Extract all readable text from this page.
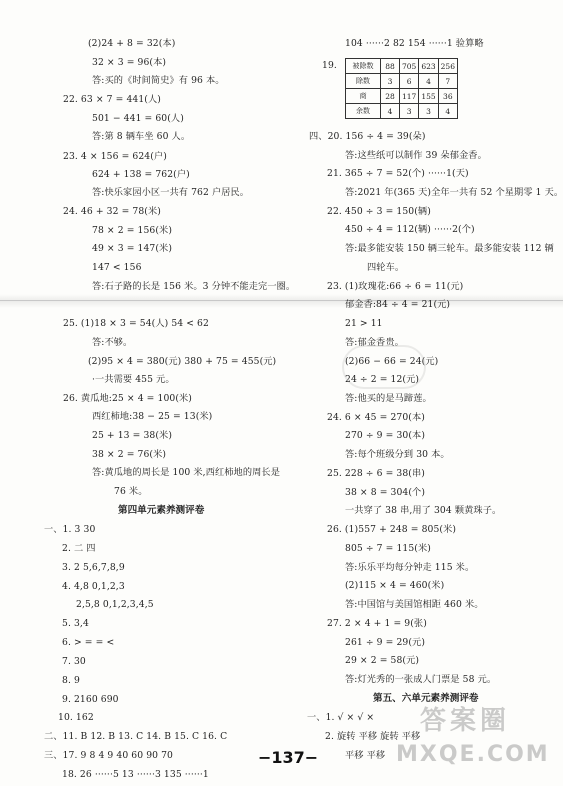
(2)24 + 8 = 32(本)
32 × 3 = 96(本)
答:买的《时间简史》有 96 本。
22. 63 × 7 = 441(人)
501 − 441 = 60(人)
答:第 8 辆车坐 60 人。
23. 4 × 156 = 624(户)
624 + 138 = 762(户)
答:快乐家园小区一共有 762 户居民。
24. 46 + 32 = 78(米)
78 × 2 = 156(米)
49 × 3 = 147(米)
147 < 156
答:石子路的长是 156 米。3 分钟不能走完一圈。
25. (1)18 × 3 = 54(人) 54 < 62
答:不够。
(2)95 × 4 = 380(元) 380 + 75 = 455(元)
·一共需要 455 元。
26. 黄瓜地:25 × 4 = 100(米)
西红柿地:38 − 25 = 13(米)
25 + 13 = 38(米)
38 × 2 = 76(米)
答:黄瓜地的周长是 100 米,西红柿地的周长是
76 米。
第四单元素养测评卷
一、1. 3 30
2. 二 四
3. 2 5,6,7,8,9
4. 4,8 0,1,2,3
2,5,8 0,1,2,3,4,5
5. 3,4
6. > = = <
7. 30
8. 9
9. 2160 690
10. 162
二、11. B 12. B 13. C 14. B 15. C 16. C
三、17. 9 8 4 9 40 60 90 70
18. 26 ······5 13 ······3 135 ······1
104 ······2 82 154 ······1 验算略
19. 被除数	88	705	623	256
除数	3	6	4	7
商	28	117	155	36
余数	4	3	3	4
四、20. 156 ÷ 4 = 39(朵)
答:这些纸可以制作 39 朵郁金香。
21. 365 ÷ 7 = 52(个) ······1(天)
答:2021 年(365 天)全年一共有 52 个星期零 1 天。
22. 450 ÷ 3 = 150(辆)
450 ÷ 4 = 112(辆) ······2(个)
答:最多能安装 150 辆三轮车。最多能安装 112 辆
四轮车。
23. (1)玫瑰花:66 ÷ 6 = 11(元)
郁金香:84 ÷ 4 = 21(元)
21 > 11
答:郁金香贵。
(2)66 − 66 = 24(元)
24 ÷ 2 = 12(元)
答:他买的是马蹄莲。
24. 6 × 45 = 270(本)
270 ÷ 9 = 30(本)
答:每个班级分到 30 本。
25. 228 ÷ 6 = 38(串)
38 × 8 = 304(个)
一共穿了 38 串,用了 304 颗黄珠子。
26. (1)557 + 248 = 805(米)
805 ÷ 7 = 115(米)
答:乐乐平均每分钟走 115 米。
(2)115 × 4 = 460(米)
答:中国馆与美国馆相距 460 米。
27. 2 × 4 + 1 = 9(张)
261 ÷ 9 = 29(元)
29 × 2 = 58(元)
答:灯光秀的一张成人门票是 58 元。
第五、六单元素养测评卷
一、1. √ × √ ×
2. 旋转 平移 旋转 平移
平移 平移
−137−
答案圈
MXQE.COM
